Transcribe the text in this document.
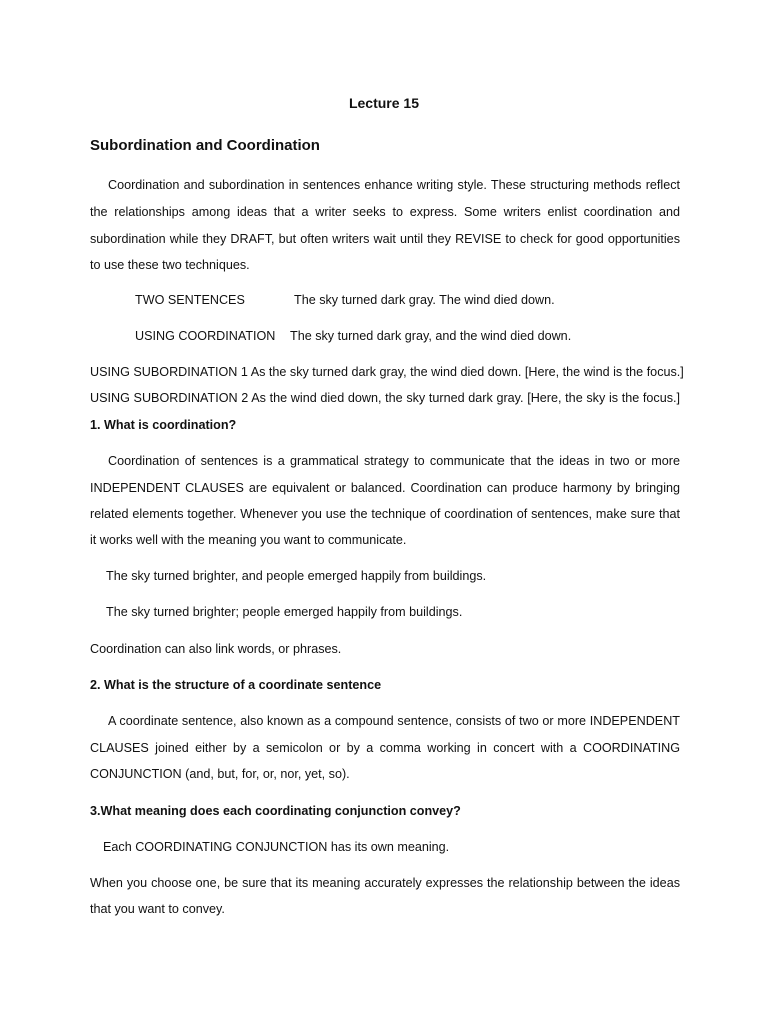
Lecture 15
Subordination and Coordination
Coordination and subordination in sentences enhance writing style. These structuring methods reflect
the relationships among ideas that a writer seeks to express. Some writers enlist coordination and
subordination while they DRAFT, but often writers wait until they REVISE to check for good opportunities
to use these two techniques.
TWO SENTENCES	The sky turned dark gray. The wind died down.
USING COORDINATION The sky turned dark gray, and the wind died down.
USING SUBORDINATION 1 As the sky turned dark gray, the wind died down. [Here, the wind is the focus.]
USING SUBORDINATION 2 As the wind died down, the sky turned dark gray. [Here, the sky is the focus.]
1. What is coordination?
Coordination of sentences is a grammatical strategy to communicate that the ideas in two or more
INDEPENDENT CLAUSES are equivalent or balanced. Coordination can produce harmony by bringing
related elements together. Whenever you use the technique of coordination of sentences, make sure that
it works well with the meaning you want to communicate.
The sky turned brighter, and people emerged happily from buildings.
The sky turned brighter; people emerged happily from buildings.
Coordination can also link words, or phrases.
2. What is the structure of a coordinate sentence
A coordinate sentence, also known as a compound sentence, consists of two or more INDEPENDENT
CLAUSES joined either by a semicolon or by a comma working in concert with a COORDINATING
CONJUNCTION (and, but, for, or, nor, yet, so).
3.What meaning does each coordinating conjunction convey?
Each COORDINATING CONJUNCTION has its own meaning.
When you choose one, be sure that its meaning accurately expresses the relationship between the ideas
that you want to convey.
